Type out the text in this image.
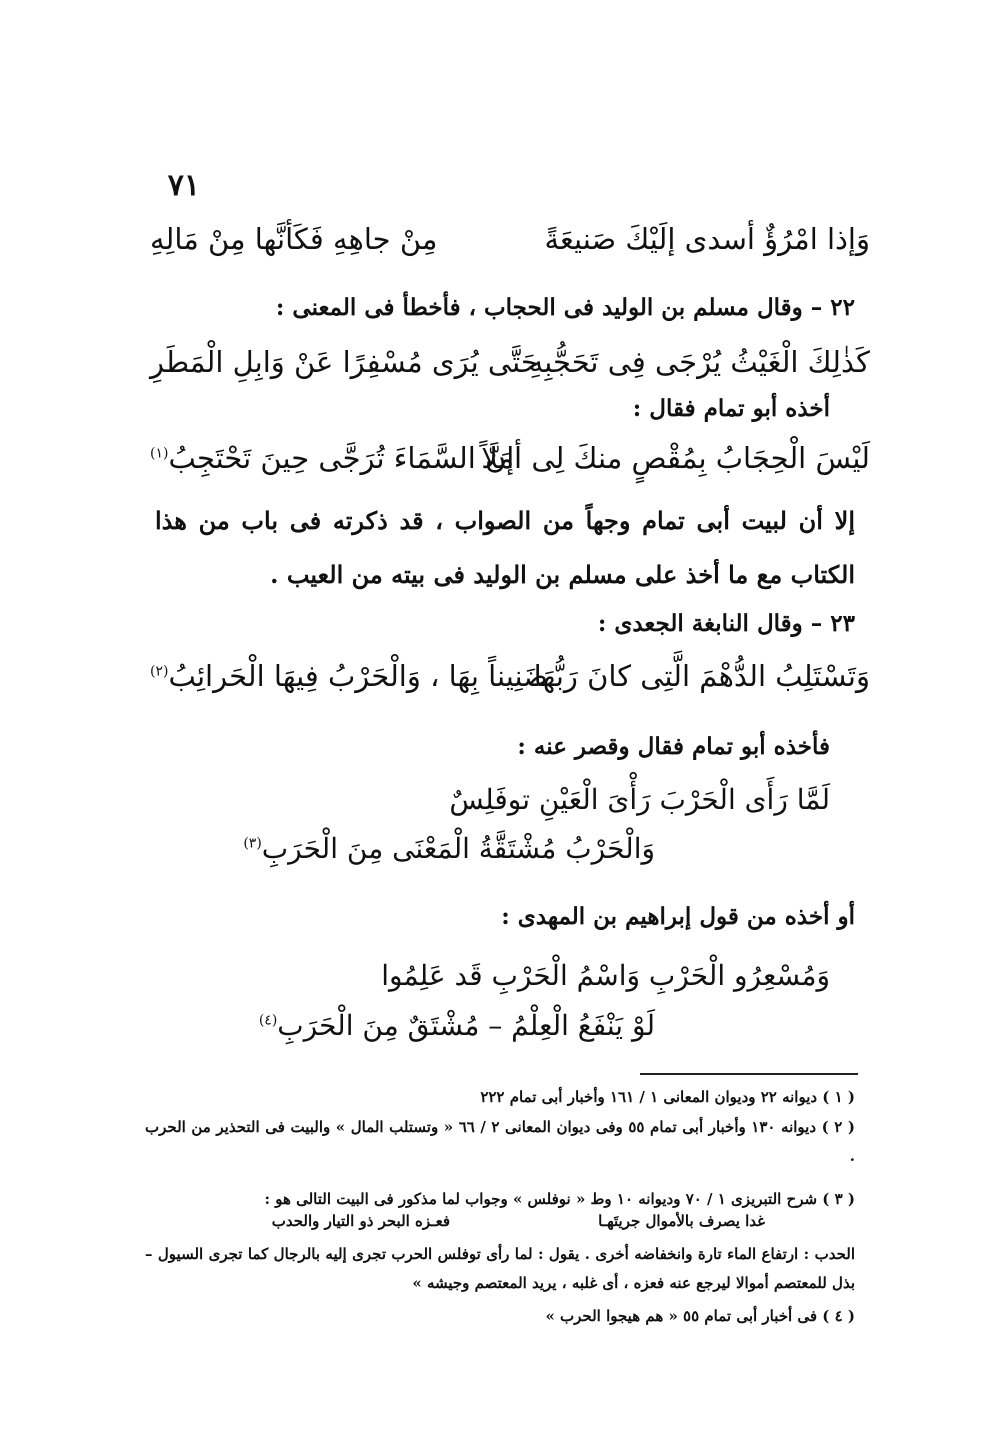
٧١
وَإذا امْرُؤٌ أسدى إلَيْكَ صَنيعَةً
مِنْ جاهِهِ فَكَأنَّها مِنْ مَالِهِ
٢٢ – وقال مسلم بن الوليد فى الحجاب ، فأخطأ فى المعنى :
كَذٰلِكَ الْغَيْثُ يُرْجَى فِى تَحَجُّبِهِ
حَتَّى يُرَى مُسْفِرًا عَنْ وَابِلِ الْمَطَرِ
أخذه أبو تمام فقال :
لَيْسَ الْحِجَابُ بِمُقْصٍ منكَ لِى أمَلاً
إنَّ السَّمَاءَ تُرَجَّى حِينَ تَحْتَجِبُ$^{(١)}$
إلا أن لبيت أبى تمام وجهاً من الصواب ، قد ذكرته فى باب من هذا الكتاب مع ما أخذ على مسلم بن الوليد فى بيته من العيب .
٢٣ – وقال النابغة الجعدى :
وَتَسْتَلِبُ الدُّهْمَ الَّتِى كانَ رَبُّهَا
ضَنِيناً بِهَا ، وَالْحَرْبُ فِيهَا الْحَرائِبُ$^{(٢)}$
فأخذه أبو تمام فقال وقصر عنه :
لَمَّا رَأَى الْحَرْبَ رَأْىَ الْعَيْنِ توفَلِسٌ
وَالْحَرْبُ مُشْتَقَّةُ الْمَعْنَى مِنَ الْحَرَبِ$^{(٣)}$
أو أخذه من قول إبراهيم بن المهدى :
وَمُسْعِرُو الْحَرْبِ وَاسْمُ الْحَرْبِ قَد عَلِمُوا
لَوْ يَنْفَعُ الْعِلْمُ – مُشْتَقٌ مِنَ الْحَرَبِ$^{(٤)}$
( ١ ) ديوانه ٢٢ وديوان المعانى ١ / ١٦١ وأخبار أبى تمام ٢٢٢
( ٢ ) ديوانه ١٣٠ وأخبار أبى تمام ٥٥ وفى ديوان المعانى ٢ / ٦٦ « وتستلب المال » والبيت فى التحذير من الحرب .
( ٣ ) شرح التبريزى ١ / ٧٠ وديوانه ١٠ وط « نوفلس » وجواب لما مذكور فى البيت التالى هو :
غدا يصرف بالأموال جريتَهـا
فعـزه البحر ذو التيار والحدب
الحدب : ارتفاع الماء تارة وانخفاضه أخرى . يقول : لما رأى توفلس الحرب تجرى إليه بالرجال كما تجرى السيول – بذل للمعتصم أموالا ليرجع عنه فعزه ، أى غلبه ، يريد المعتصم وجيشه »
( ٤ ) فى أخبار أبى تمام ٥٥ « هم هيجوا الحرب »
